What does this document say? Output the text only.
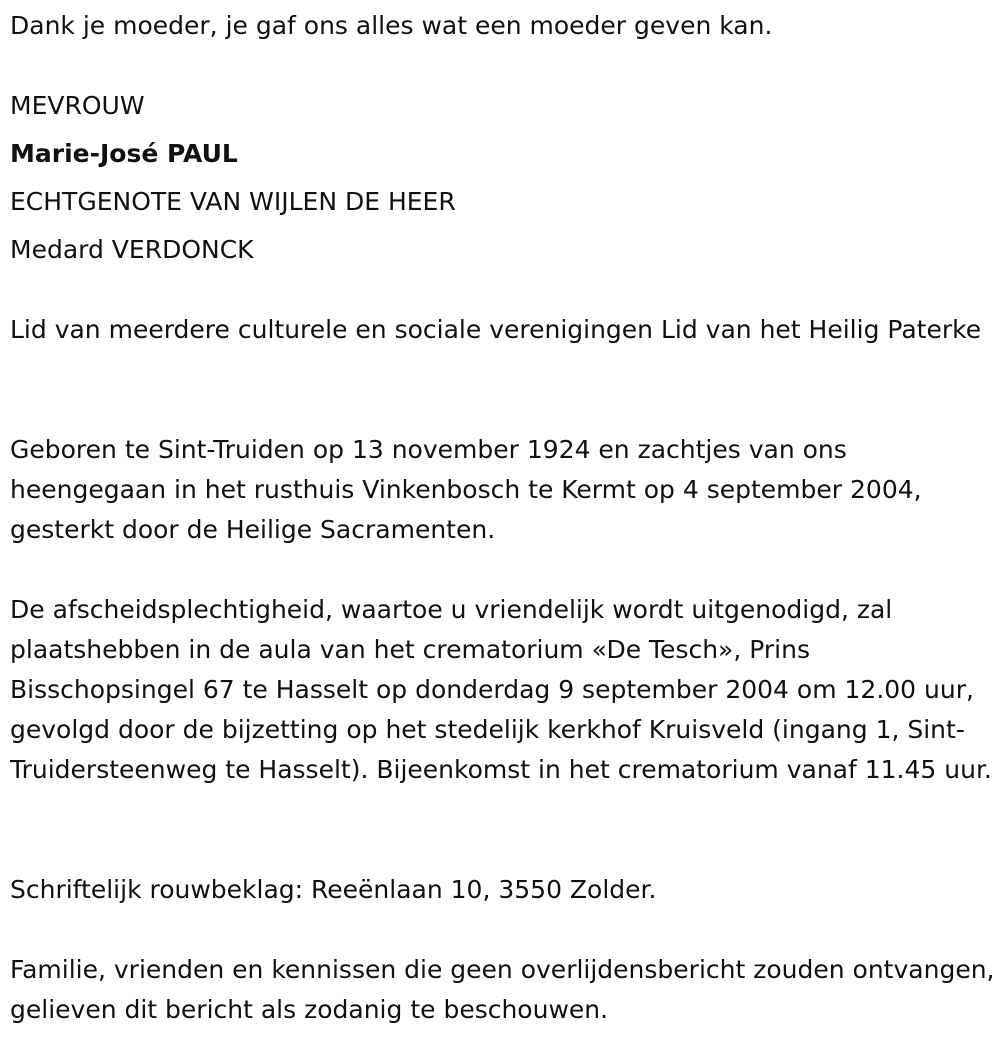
Dank je moeder, je gaf ons alles wat een moeder geven kan.

MEVROUW

Marie-José PAUL

ECHTGENOTE VAN WIJLEN DE HEER

Medard VERDONCK

Lid van meerdere culturele en sociale verenigingen Lid van het Heilig Paterke

Geboren te Sint-Truiden op 13 november 1924 en zachtjes van ons heengegaan in het rusthuis Vinkenbosch te Kermt op 4 september 2004, gesterkt door de Heilige Sacramenten.

De afscheidsplechtigheid, waartoe u vriendelijk wordt uitgenodigd, zal plaatshebben in de aula van het crematorium «De Tesch», Prins Bisschopsingel 67 te Hasselt op donderdag 9 september 2004 om 12.00 uur, gevolgd door de bijzetting op het stedelijk kerkhof Kruisveld (ingang 1, Sint-Truidersteenweg te Hasselt). Bijeenkomst in het crematorium vanaf 11.45 uur.

Schriftelijk rouwbeklag: Reeënlaan 10, 3550 Zolder.

Familie, vrienden en kennissen die geen overlijdensbericht zouden ontvangen, gelieven dit bericht als zodanig te beschouwen.
